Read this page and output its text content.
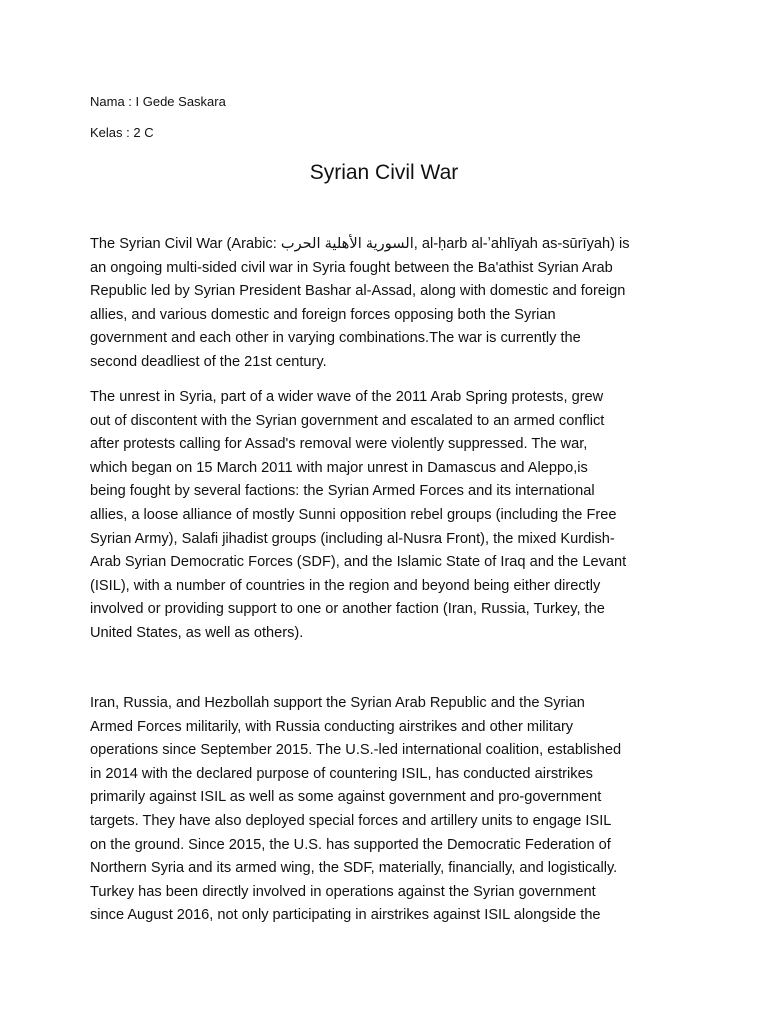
Nama : I Gede Saskara
Kelas : 2 C
Syrian Civil War
The Syrian Civil War (Arabic: السورية الأهلية الحرب, al-ḥarb al-ʼahlīyah as-sūrīyah) is
an ongoing multi-sided civil war in Syria fought between the Ba'athist Syrian Arab
Republic led by Syrian President Bashar al-Assad, along with domestic and foreign
allies, and various domestic and foreign forces opposing both the Syrian
government and each other in varying combinations.The war is currently the
second deadliest of the 21st century.
The unrest in Syria, part of a wider wave of the 2011 Arab Spring protests, grew
out of discontent with the Syrian government and escalated to an armed conflict
after protests calling for Assad's removal were violently suppressed. The war,
which began on 15 March 2011 with major unrest in Damascus and Aleppo,is
being fought by several factions: the Syrian Armed Forces and its international
allies, a loose alliance of mostly Sunni opposition rebel groups (including the Free
Syrian Army), Salafi jihadist groups (including al-Nusra Front), the mixed Kurdish-
Arab Syrian Democratic Forces (SDF), and the Islamic State of Iraq and the Levant
(ISIL), with a number of countries in the region and beyond being either directly
involved or providing support to one or another faction (Iran, Russia, Turkey, the
United States, as well as others).
Iran, Russia, and Hezbollah support the Syrian Arab Republic and the Syrian
Armed Forces militarily, with Russia conducting airstrikes and other military
operations since September 2015. The U.S.-led international coalition, established
in 2014 with the declared purpose of countering ISIL, has conducted airstrikes
primarily against ISIL as well as some against government and pro-government
targets. They have also deployed special forces and artillery units to engage ISIL
on the ground. Since 2015, the U.S. has supported the Democratic Federation of
Northern Syria and its armed wing, the SDF, materially, financially, and logistically.
Turkey has been directly involved in operations against the Syrian government
since August 2016, not only participating in airstrikes against ISIL alongside the
